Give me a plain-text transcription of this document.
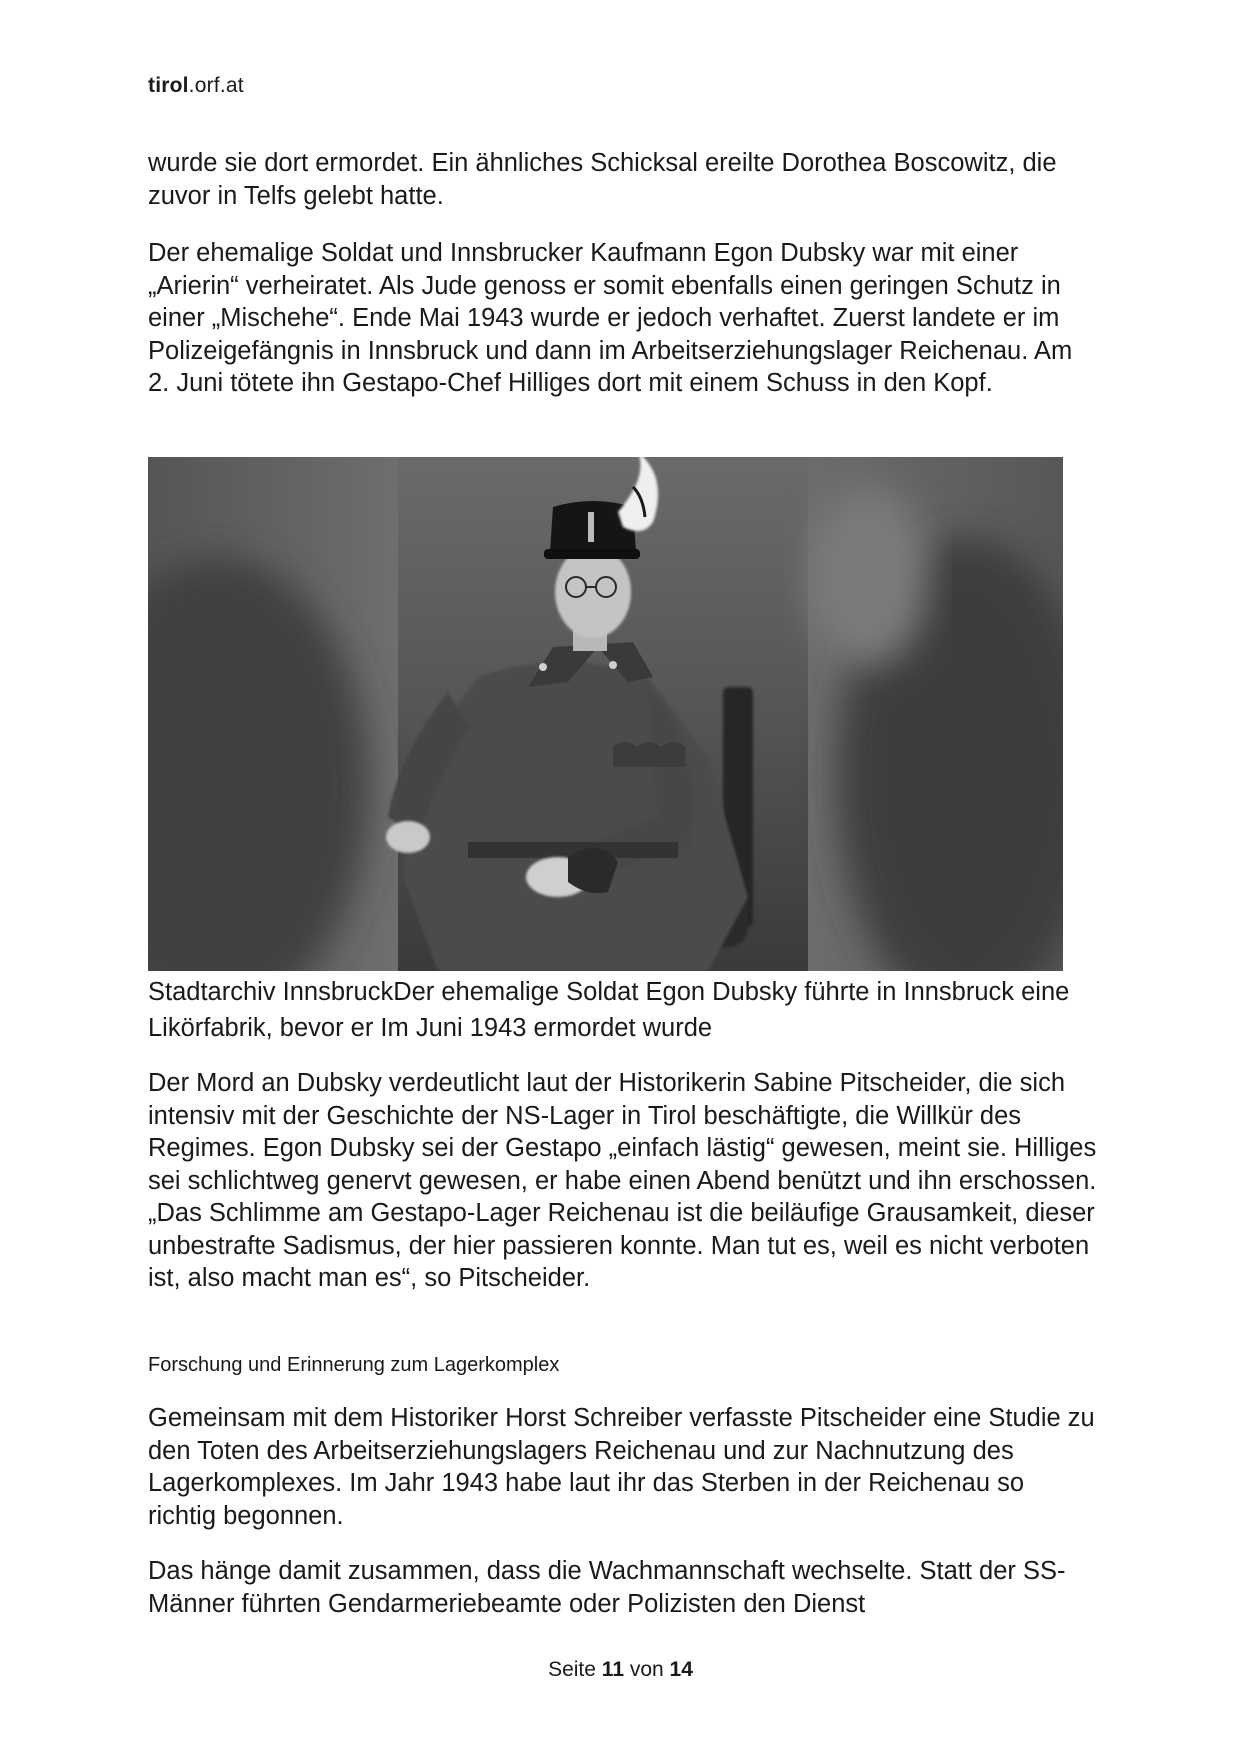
tirol.orf.at

wurde sie dort ermordet. Ein ähnliches Schicksal ereilte Dorothea Boscowitz, die zuvor in Telfs gelebt hatte.

Der ehemalige Soldat und Innsbrucker Kaufmann Egon Dubsky war mit einer „Arierin“ verheiratet. Als Jude genoss er somit ebenfalls einen geringen Schutz in einer „Mischehe“. Ende Mai 1943 wurde er jedoch verhaftet. Zuerst landete er im Polizeigefängnis in Innsbruck und dann im Arbeitserziehungslager Reichenau. Am 2. Juni tötete ihn Gestapo-Chef Hilliges dort mit einem Schuss in den Kopf.

Stadtarchiv InnsbruckDer ehemalige Soldat Egon Dubsky führte in Innsbruck eine Likörfabrik, bevor er Im Juni 1943 ermordet wurde

Der Mord an Dubsky verdeutlicht laut der Historikerin Sabine Pitscheider, die sich intensiv mit der Geschichte der NS-Lager in Tirol beschäftigte, die Willkür des Regimes. Egon Dubsky sei der Gestapo „einfach lästig“ gewesen, meint sie. Hilliges sei schlichtweg genervt gewesen, er habe einen Abend benützt und ihn erschossen. „Das Schlimme am Gestapo-Lager Reichenau ist die beiläufige Grausamkeit, dieser unbestrafte Sadismus, der hier passieren konnte. Man tut es, weil es nicht verboten ist, also macht man es“, so Pitscheider.

Forschung und Erinnerung zum Lagerkomplex

Gemeinsam mit dem Historiker Horst Schreiber verfasste Pitscheider eine Studie zu den Toten des Arbeitserziehungslagers Reichenau und zur Nachnutzung des Lagerkomplexes. Im Jahr 1943 habe laut ihr das Sterben in der Reichenau so richtig begonnen.

Das hänge damit zusammen, dass die Wachmannschaft wechselte. Statt der SS-Männer führten Gendarmeriebeamte oder Polizisten den Dienst

Seite 11 von 14
